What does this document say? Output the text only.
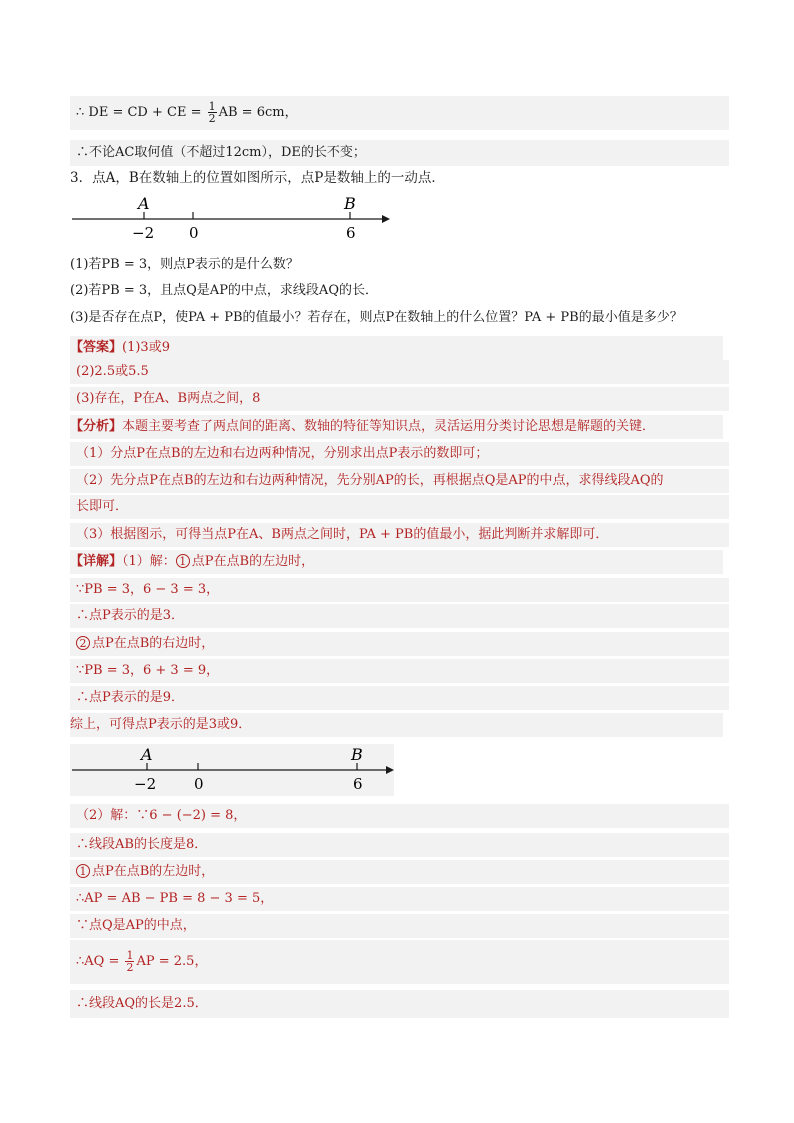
∴ DE = CD + CE = $\frac{1}{2}$ AB = 6cm，
∴不论AC取何值（不超过12cm），DE的长不变；
3．点A，B在数轴上的位置如图所示，点P是数轴上的一动点．
A	B
−2 0	6
(1)若PB = 3，则点P表示的是什么数？
(2)若PB = 3，且点Q是AP的中点，求线段AQ的长．
(3)是否存在点P，使PA + PB的值最小？若存在，则点P在数轴上的什么位置？PA + PB的最小值是多少？
【答案】(1)3或9
(2)2.5或5.5
(3)存在，P在A、B两点之间，8
【分析】本题主要考查了两点间的距离、数轴的特征等知识点，灵活运用分类讨论思想是解题的关键．
（1）分点P在点B的左边和右边两种情况，分别求出点P表示的数即可；
（2）先分点P在点B的左边和右边两种情况，先分别AP的长，再根据点Q是AP的中点，求得线段AQ的
长即可．
（3）根据图示，可得当点P在A、B两点之间时，PA + PB的值最小，据此判断并求解即可．
【详解】（1）解： 1 点P在点B的左边时，
∵PB = 3，6 − 3 = 3，
∴点P表示的是3．
2 点P在点B的右边时，
∵PB = 3，6 + 3 = 9，
∴点P表示的是9．
综上，可得点P表示的是3或9．
A	B
−2	0	6
（2）解：∵6 − (−2) = 8，
∴线段AB的长度是8．
1 点P在点B的左边时，
∴AP = AB − PB = 8 − 3 = 5，
∵点Q是AP的中点，
∴AQ = $\frac{1}{2}$ AP = 2.5，
∴线段AQ的长是2.5．
